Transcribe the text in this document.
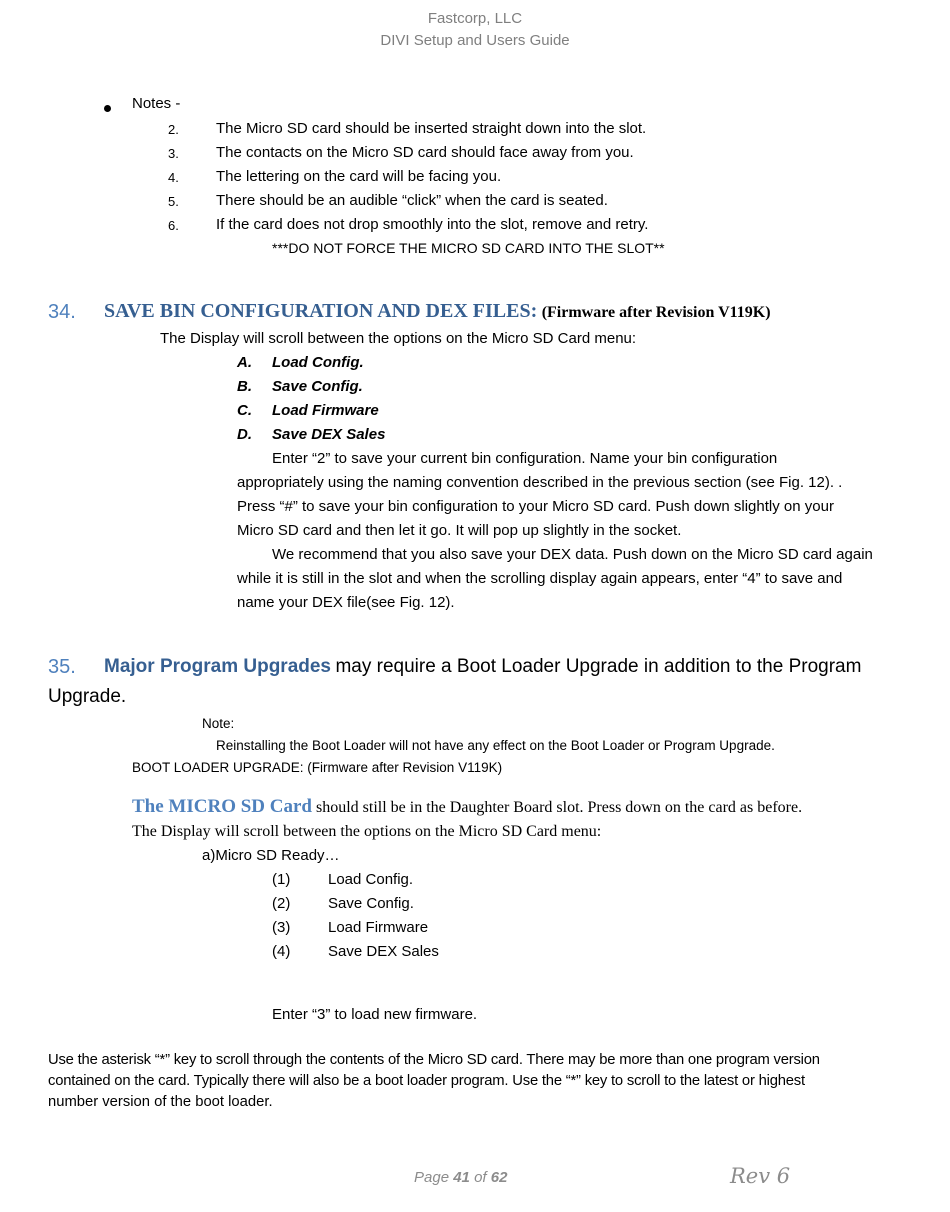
Fastcorp, LLC
DIVI Setup and Users Guide
Notes -
2. The Micro SD card should be inserted straight down into the slot.
3. The contacts on the Micro SD card should face away from you.
4. The lettering on the card will be facing you.
5. There should be an audible “click” when the card is seated.
6. If the card does not drop smoothly into the slot, remove and retry.
***DO NOT FORCE THE MICRO SD CARD INTO THE SLOT**
34. SAVE BIN CONFIGURATION AND DEX FILES: (Firmware after Revision V119K)
The Display will scroll between the options on the Micro SD Card menu:
A. Load Config.
B. Save Config.
C. Load Firmware
D. Save DEX Sales
Enter “2” to save your current bin configuration. Name your bin configuration
appropriately using the naming convention described in the previous section (see Fig. 12). .
Press “#” to save your bin configuration to your Micro SD card. Push down slightly on your
Micro SD card and then let it go. It will pop up slightly in the socket.
We recommend that you also save your DEX data. Push down on the Micro SD card again
while it is still in the slot and when the scrolling display again appears, enter “4” to save and
name your DEX file(see Fig. 12).
35. Major Program Upgrades may require a Boot Loader Upgrade in addition to the Program
Upgrade.
Note:
Reinstalling the Boot Loader will not have any effect on the Boot Loader or Program Upgrade.
BOOT LOADER UPGRADE: (Firmware after Revision V119K)
The MICRO SD Card should still be in the Daughter Board slot. Press down on the card as before.
The Display will scroll between the options on the Micro SD Card menu:
a)Micro SD Ready…
(1)	Load Config.
(2)	Save Config.
(3)	Load Firmware
(4)	Save DEX Sales
Enter “3” to load new firmware.
Use the asterisk “*” key to scroll through the contents of the Micro SD card. There may be more than one program version
contained on the card. Typically there will also be a boot loader program. Use the “*” key to scroll to the latest or highest
number version of the boot loader.
Page 41 of 62	Rev 6
